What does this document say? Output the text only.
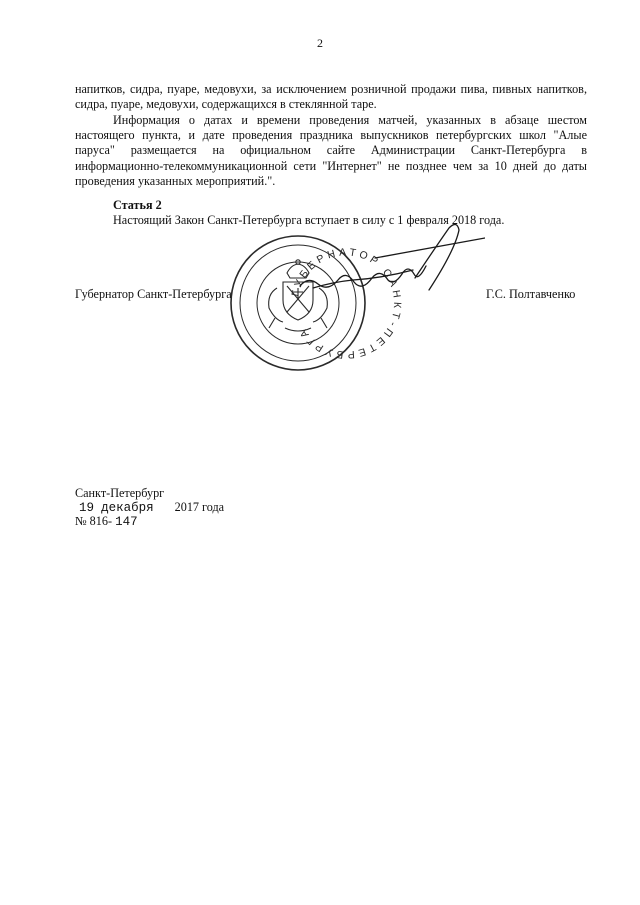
2
напитков, сидра, пуаре, медовухи, за исключением розничной продажи пива, пивных напитков, сидра, пуаре, медовухи, содержащихся в стеклянной таре.
Информация о датах и времени проведения матчей, указанных в абзаце шестом настоящего пункта, и дате проведения праздника выпускников петербургских школ "Алые паруса" размещается на официальном сайте Администрации Санкт-Петербурга в информационно-телекоммуникационной сети "Интернет" не позднее чем за 10 дней до даты проведения указанных мероприятий.".
Статья 2
Настоящий Закон Санкт-Петербурга вступает в силу с 1 февраля 2018 года.
Губернатор Санкт-Петербурга	Г.С. Полтавченко
ГУБЕРНАТОР САНКТ-ПЕТЕРБУРГА
Санкт-Петербург
19 декабря 2017 года
№ 816- 147
